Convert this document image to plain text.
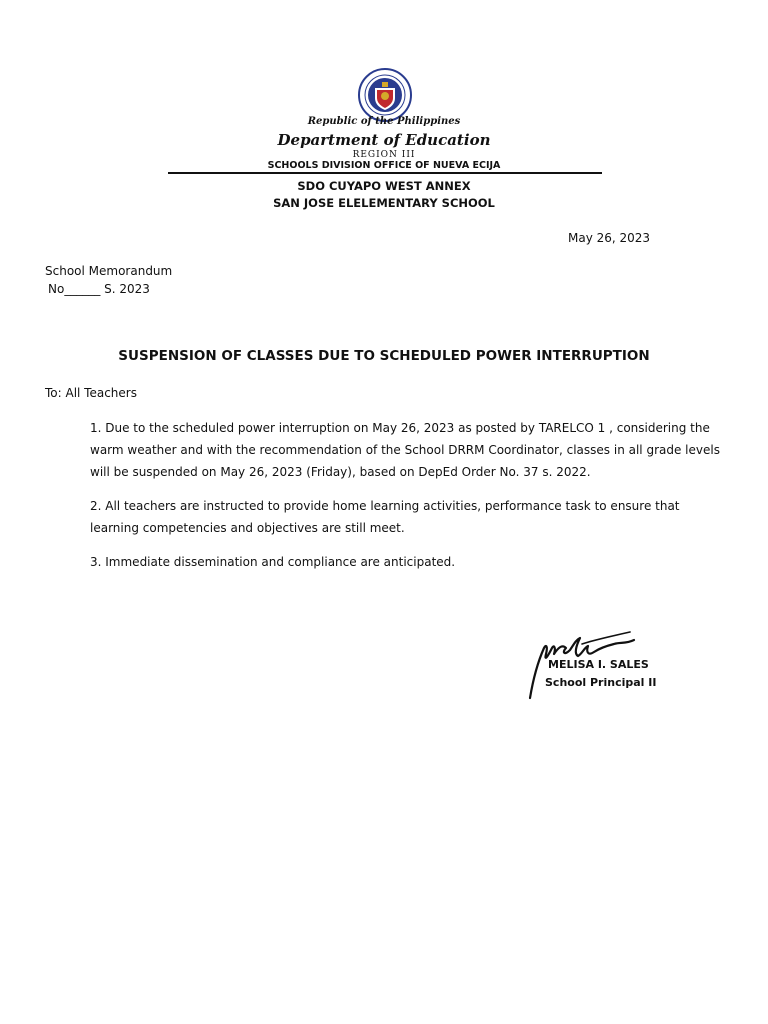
Republic of the Philippines
Department of Education
REGION III
SCHOOLS DIVISION OFFICE OF NUEVA ECIJA
SDO CUYAPO WEST ANNEX
SAN JOSE ELELEMENTARY SCHOOL
May 26, 2023
School Memorandum
No______ S. 2023
SUSPENSION OF CLASSES DUE TO SCHEDULED POWER INTERRUPTION
To: All Teachers
1. Due to the scheduled power interruption on May 26, 2023 as posted by TARELCO 1 , considering the warm weather and with the recommendation of the School DRRM Coordinator, classes in all grade levels will be suspended on May 26, 2023 (Friday), based on DepEd Order No. 37 s. 2022.
2. All teachers are instructed to provide home learning activities, performance task to ensure that learning competencies and objectives are still meet.
3. Immediate dissemination and compliance are anticipated.
MELISA I. SALES
School Principal II
